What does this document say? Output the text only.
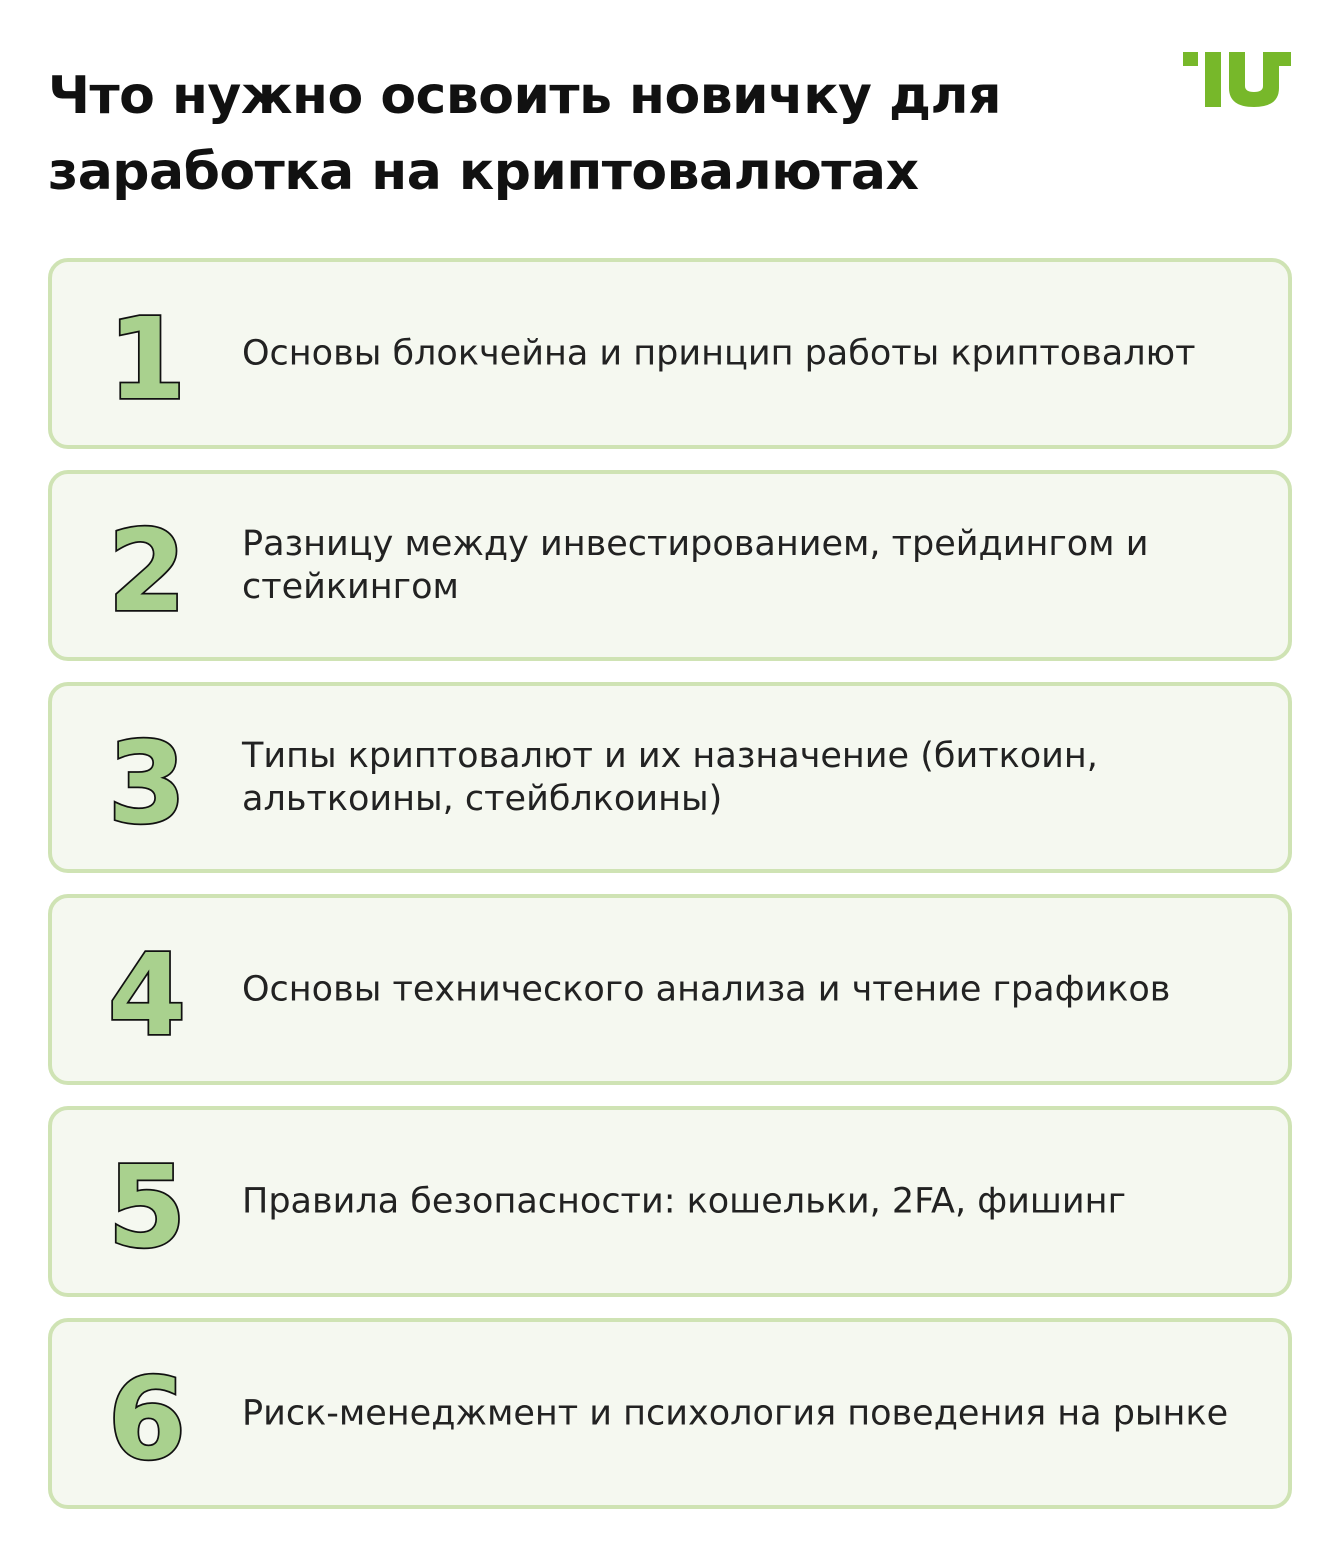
Что нужно освоить новичку для
заработка на криптовалютах
1 Основы блокчейна и принцип работы криптовалют
2 Разницу между инвестированием, трейдингом и стейкингом
3 Типы криптовалют и их назначение (биткоин, альткоины, стейблкоины)
4 Основы технического анализа и чтение графиков
5 Правила безопасности: кошельки, 2FA, фишинг
6 Риск-менеджмент и психология поведения на рынке
